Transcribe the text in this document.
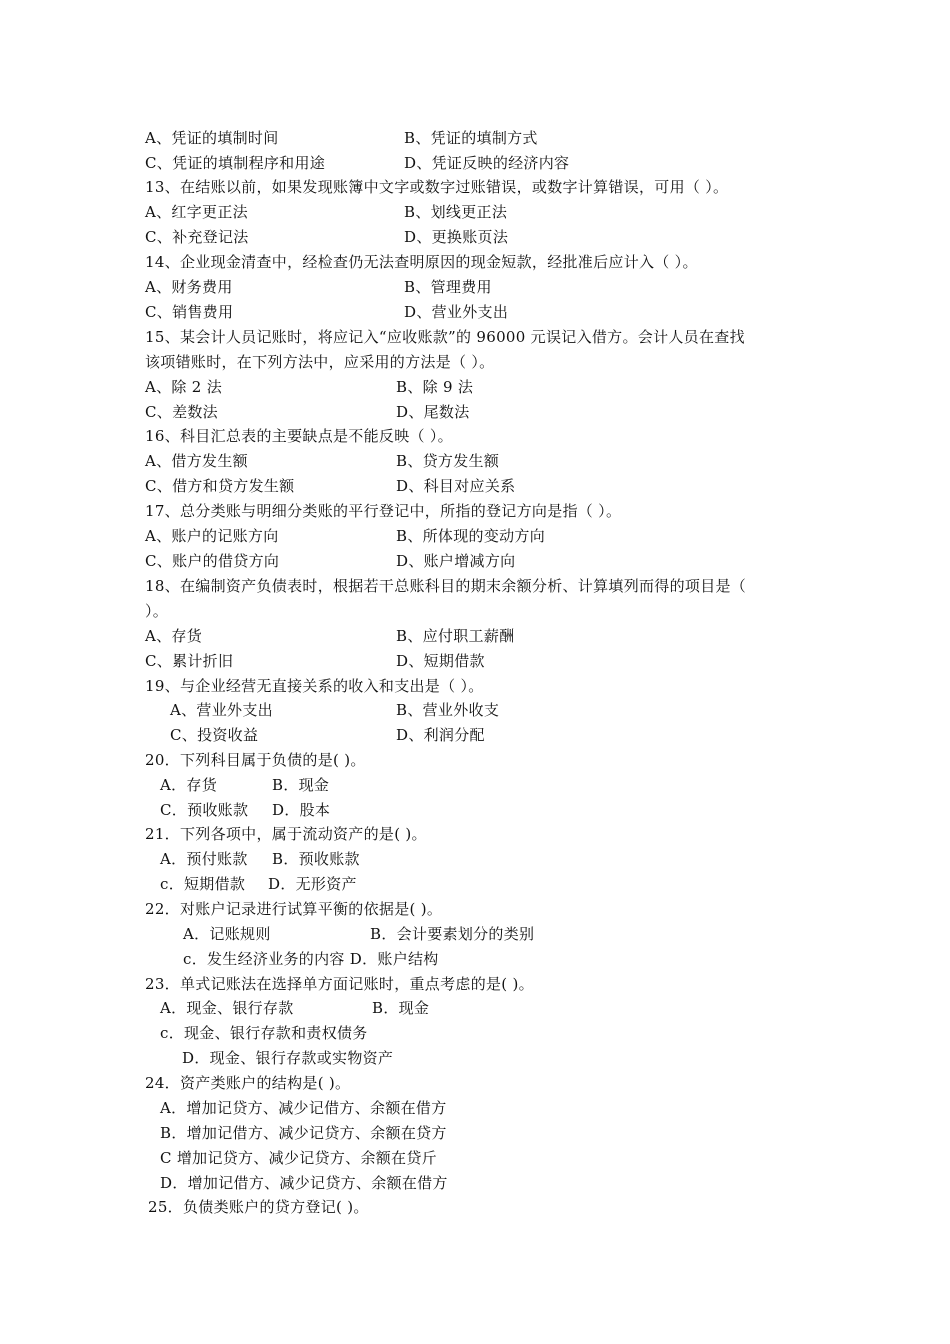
A、凭证的填制时间	B、凭证的填制方式
C、凭证的填制程序和用途	D、凭证反映的经济内容
13、在结账以前，如果发现账簿中文字或数字过账错误，或数字计算错误，可用（ ）。
A、红字更正法	B、划线更正法
C、补充登记法	D、更换账页法
14、企业现金清查中，经检查仍无法查明原因的现金短款，经批准后应计入（ ）。
A、财务费用	B、管理费用
C、销售费用	D、营业外支出
15、某会计人员记账时，将应记入“应收账款”的 96000 元误记入借方。会计人员在查找
该项错账时，在下列方法中，应采用的方法是（ ）。
A、除 2 法	B、除 9 法
C、差数法	D、尾数法
16、科目汇总表的主要缺点是不能反映（ ）。
A、借方发生额	B、贷方发生额
C、借方和贷方发生额	D、科目对应关系
17、总分类账与明细分类账的平行登记中，所指的登记方向是指（ ）。
A、账户的记账方向	B、所体现的变动方向
C、账户的借贷方向	D、账户增减方向
18、在编制资产负债表时，根据若干总账科目的期末余额分析、计算填列而得的项目是（
）。
A、存货	B、应付职工薪酬
C、累计折旧	D、短期借款
19、与企业经营无直接关系的收入和支出是（ ）。
A、营业外支出	B、营业外收支
C、投资收益	D、利润分配
20．下列科目属于负债的是( )。
A．存货	B．现金
C．预收账款 D．股本
21．下列各项中，属于流动资产的是( )。
A．预付账款 B．预收账款
c．短期借款 D．无形资产
22．对账户记录进行试算平衡的依据是( )。
A．记账规则	B．会计要素划分的类别
c．发生经济业务的内容 D．账户结构
23．单式记账法在选择单方面记账时，重点考虑的是( )。
A．现金、银行存款	B．现金
c．现金、银行存款和责权债务
D．现金、银行存款或实物资产
24．资产类账户的结构是( )。
A．增加记贷方、减少记借方、余额在借方
B．增加记借方、减少记贷方、余额在贷方
C 增加记贷方、减少记贷方、余额在贷斤
D．增加记借方、减少记贷方、余额在借方
25．负债类账户的贷方登记( )。
